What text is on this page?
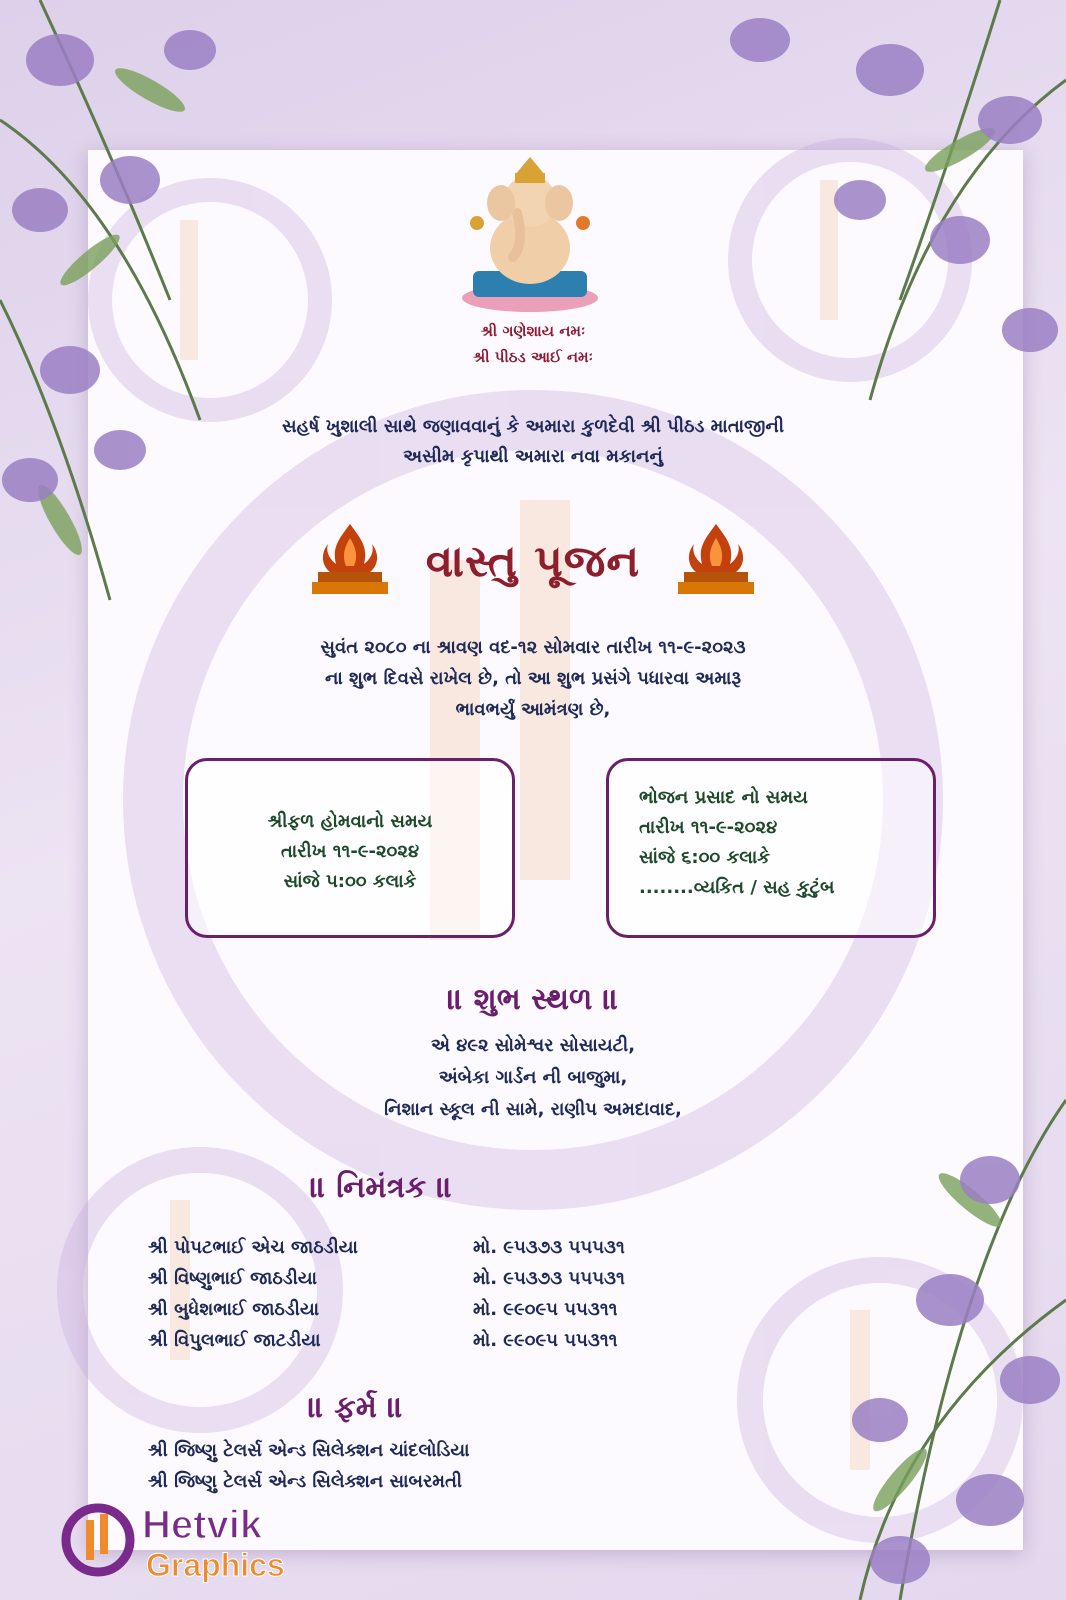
શ્રી ગણેશાય નમઃ
શ્રી પીઠડ આઈ નમઃ
સહર્ષ ખુશાલી સાથે જણાવવાનું કે અમારા કુળદેવી શ્રી પીઠડ માતાજીની
અસીમ કૃપાથી અમારા નવા મકાનનું
વાસ્તુ પૂજન
સુવંત ૨૦૮૦ ના શ્રાવણ વદ-૧૨ સોમવાર તારીખ ૧૧-૯-૨૦૨૩
ના શુભ દિવસે રાખેલ છે, તો આ શુભ પ્રસંગે પધારવા અમારૂ
ભાવભર્યું આમંત્રણ છે,
શ્રીફળ હોમવાનો સમય
તારીખ ૧૧-૯-૨૦૨૪
સાંજે ૫:૦૦ કલાકે
ભોજન પ્રસાદ નો સમય
તારીખ ૧૧-૯-૨૦૨૪
સાંજે ૬:૦૦ કલાકે
........વ્યકિત / સહ કુટુંબ
॥ શુભ સ્થળ ॥
એ ૪૯૨ સોમેશ્વર સોસાયટી,
અંબેકા ગાર્ડન ની બાજુમા,
નિશાન સ્કૂલ ની સામે, રાણીપ અમદાવાદ,
॥ નિમંત્રક ॥
શ્રી પોપટભાઈ એચ જાઠડીયા	મો. ૯૫૩૭૩ ૫૫૫૩૧
શ્રી વિષ્ણુભાઈ જાઠડીયા	મો. ૯૫૩૭૩ ૫૫૫૩૧
શ્રી બુધેશભાઈ જાઠડીયા	મો. ૯૯૦૯૫ ૫૫૩૧૧
શ્રી વિપુલભાઈ જાટડીયા	મો. ૯૯૦૯૫ ૫૫૩૧૧
॥ ફર્મ ॥
શ્રી જિષ્ણુ ટેલર્સ એન્ડ સિલેક્શન ચાંદલોડિયા
શ્રી જિષ્ણુ ટેલર્સ એન્ડ સિલેક્શન સાબરમતી
Hetvik
Graphics
